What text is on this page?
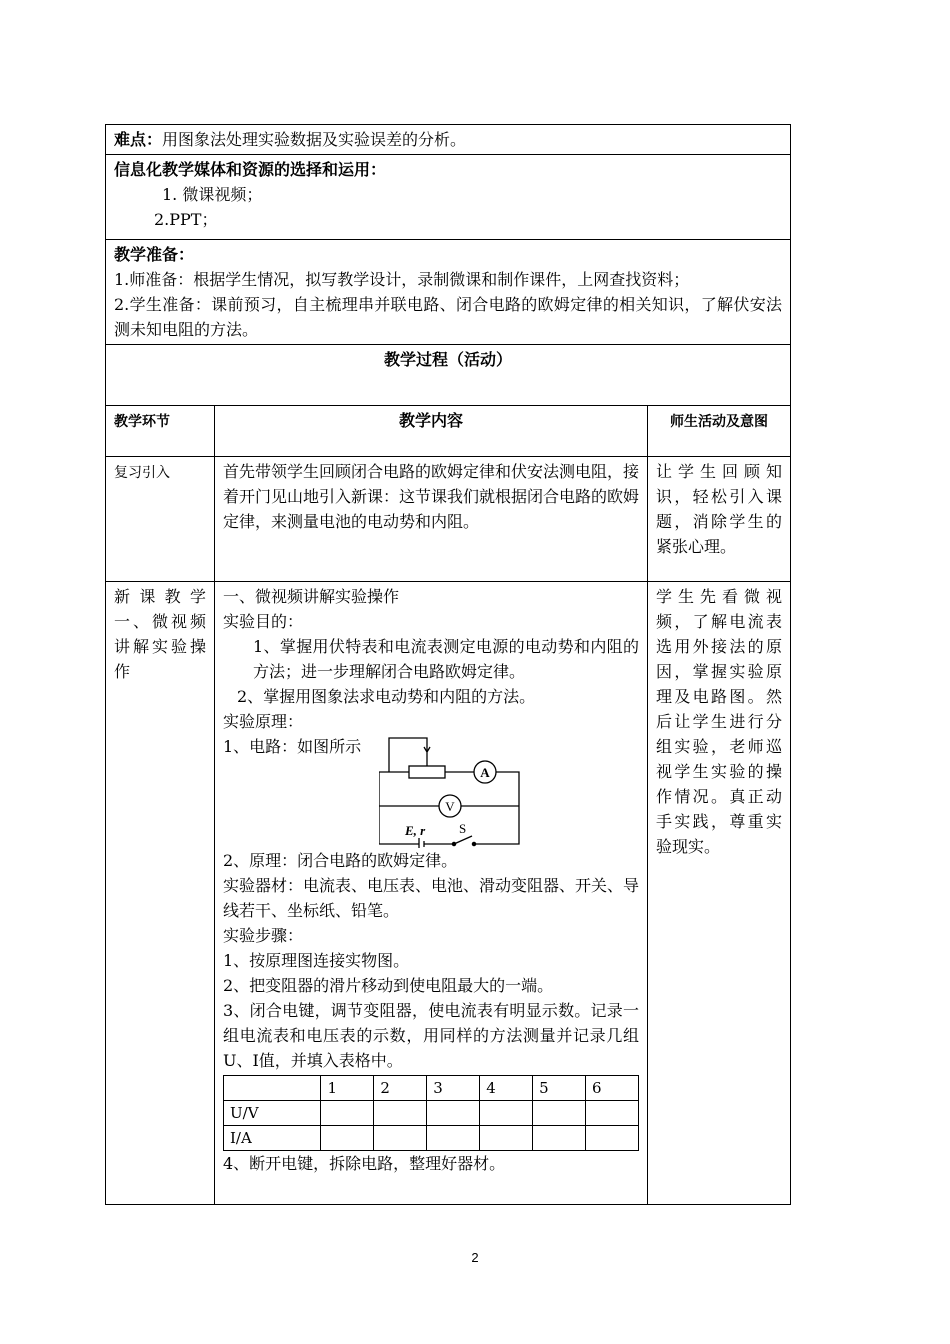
难点：用图象法处理实验数据及实验误差的分析。

信息化教学媒体和资源的选择和运用：
1. 微课视频；
2.PPT；

教学准备：
1.师准备：根据学生情况，拟写教学设计，录制微课和制作课件，上网查找资料；
2.学生准备：课前预习，自主梳理串并联电路、闭合电路的欧姆定律的相关知识，了解伏安法测未知电阻的方法。

教学过程（活动）
教学环节	教学内容	师生活动及意图
复习引入	首先带领学生回顾闭合电路的欧姆定律和伏安法测电阻，接着开门见山地引入新课：这节课我们就根据闭合电路的欧姆定律，来测量电池的电动势和内阻。	让学生回顾知识，轻松引入课题，消除学生的紧张心理。
新课教学一、微视频讲解实验操作	
一、微视频讲解实验操作
实验目的：
1、掌握用伏特表和电流表测定电源的电动势和内阻的方法；进一步理解闭合电路欧姆定律。
2、掌握用图象法求电动势和内阻的方法。
实验原理：
1、电路：如图所示
A
V
E, r	S
2、原理：闭合电路的欧姆定律。
实验器材：电流表、电压表、电池、滑动变阻器、开关、导线若干、坐标纸、铅笔。
实验步骤：
1、按原理图连接实物图。
2、把变阻器的滑片移动到使电阻最大的一端。
3、闭合电键，调节变阻器，使电流表有明显示数。记录一组电流表和电压表的示数，用同样的方法测量并记录几组U、I值，并填入表格中。
	1	2	3	4	5	6
U/V						
I/A						
4、断开电键，拆除电路，整理好器材。
	学生先看微视频，了解电流表选用外接法的原因，掌握实验原理及电路图。然后让学生进行分组实验，老师巡视学生实验的操作情况。真正动手实践，尊重实验现实。
2
